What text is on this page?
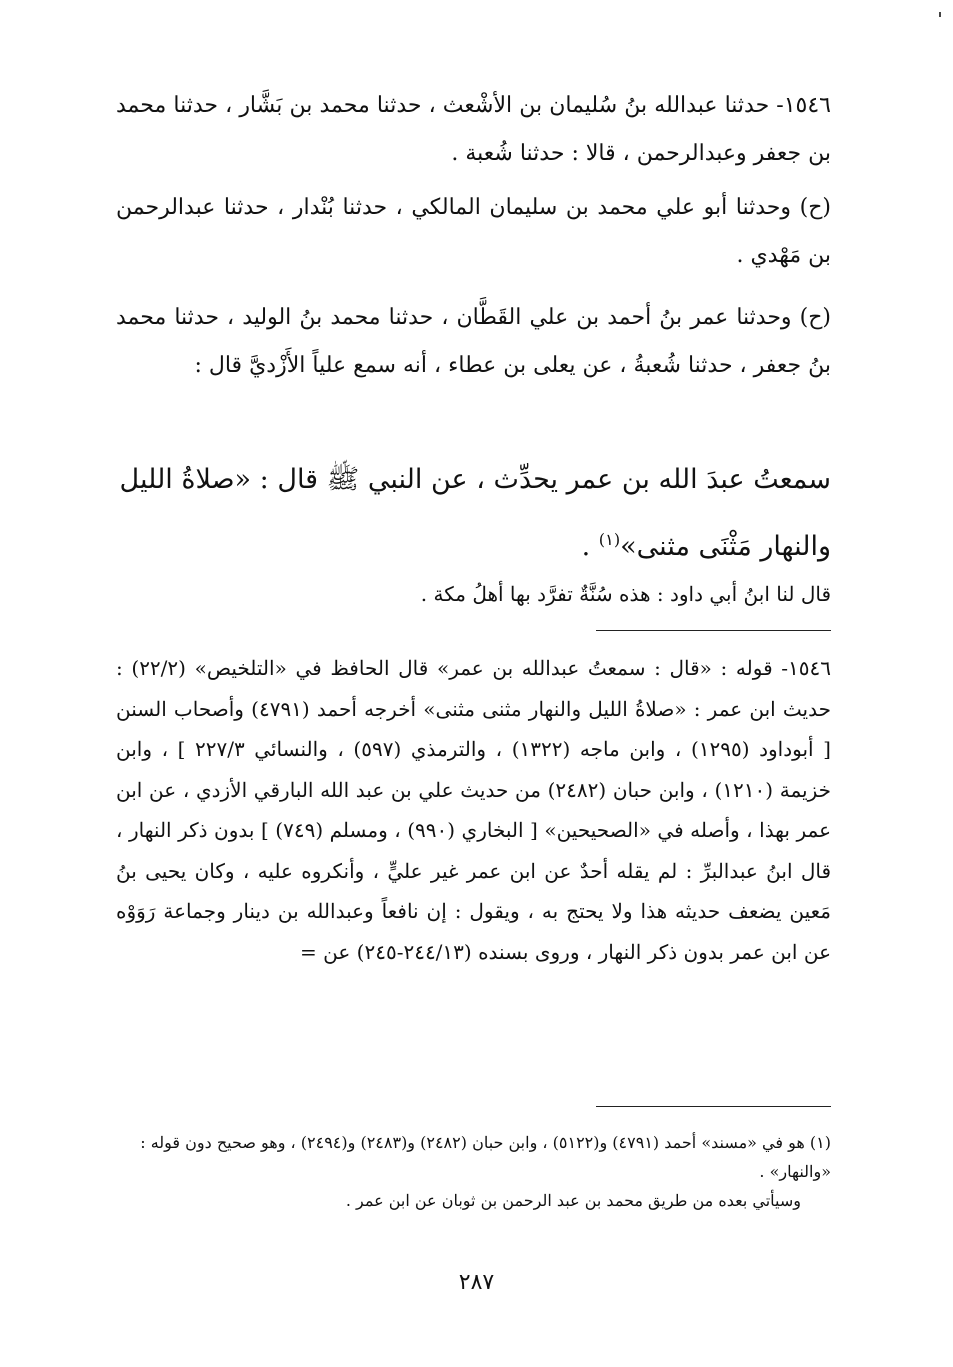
١٥٤٦- حدثنا عبدالله بنُ سُليمان بن الأشْعث ، حدثنا محمد بن بَشَّار ، حدثنا محمد بن جعفر وعبدالرحمن ، قالا : حدثنا شُعبة .

(ح) وحدثنا أبو علي محمد بن سليمان المالكي ، حدثنا بُنْدار ، حدثنا عبدالرحمن بن مَهْدي .

(ح) وحدثنا عمر بنُ أحمد بن علي القَطَّان ، حدثنا محمد بنُ الوليد ، حدثنا محمد بنُ جعفر ، حدثنا شُعبةُ ، عن يعلى بن عطاء ، أنه سمع علياً الأَزْديَّ قال :

سمعتُ عبدَ الله بن عمر يحدِّث ، عن النبي ﷺ قال : «صلاةُ الليل والنهار مَثْنَى مثنى»$^{(١)}$ .

قال لنا ابنُ أبي داود : هذه سُنَّةٌ تفرَّد بها أهلُ مكة .

١٥٤٦- قوله : «قال : سمعتُ عبدالله بن عمر» قال الحافظ في «التلخيص» (٢٢/٢) : حديث ابن عمر : «صلاةُ الليل والنهار مثنى مثنى» أخرجه أحمد (٤٧٩١) وأصحاب السنن [ أبوداود (١٢٩٥) ، وابن ماجه (١٣٢٢) ، والترمذي (٥٩٧) ، والنسائي ٢٢٧/٣ ] ، وابن خزيمة (١٢١٠) ، وابن حبان (٢٤٨٢) من حديث علي بن عبد الله البارقي الأزدي ، عن ابن عمر بهذا ، وأصله في «الصحيحين» [ البخاري (٩٩٠) ، ومسلم (٧٤٩) ] بدون ذكر النهار ، قال ابنُ عبدالبرِّ : لم يقله أحدٌ عن ابن عمر غير عليٍّ ، وأنكروه عليه ، وكان يحيى بنُ مَعين يضعف حديثه هذا ولا يحتج به ، ويقول : إن نافعاً وعبدالله بن دينار وجماعة رَوَوْه عن ابن عمر بدون ذكر النهار ، وروى بسنده (٢٤٤/١٣-٢٤٥) عن =

(١) هو في «مسند» أحمد (٤٧٩١) و(٥١٢٢) ، وابن حبان (٢٤٨٢) و(٢٤٨٣) و(٢٤٩٤) ، وهو صحيح دون قوله : «والنهار» .
وسيأتي بعده من طريق محمد بن عبد الرحمن بن ثوبان عن ابن عمر .
٢٨٧
